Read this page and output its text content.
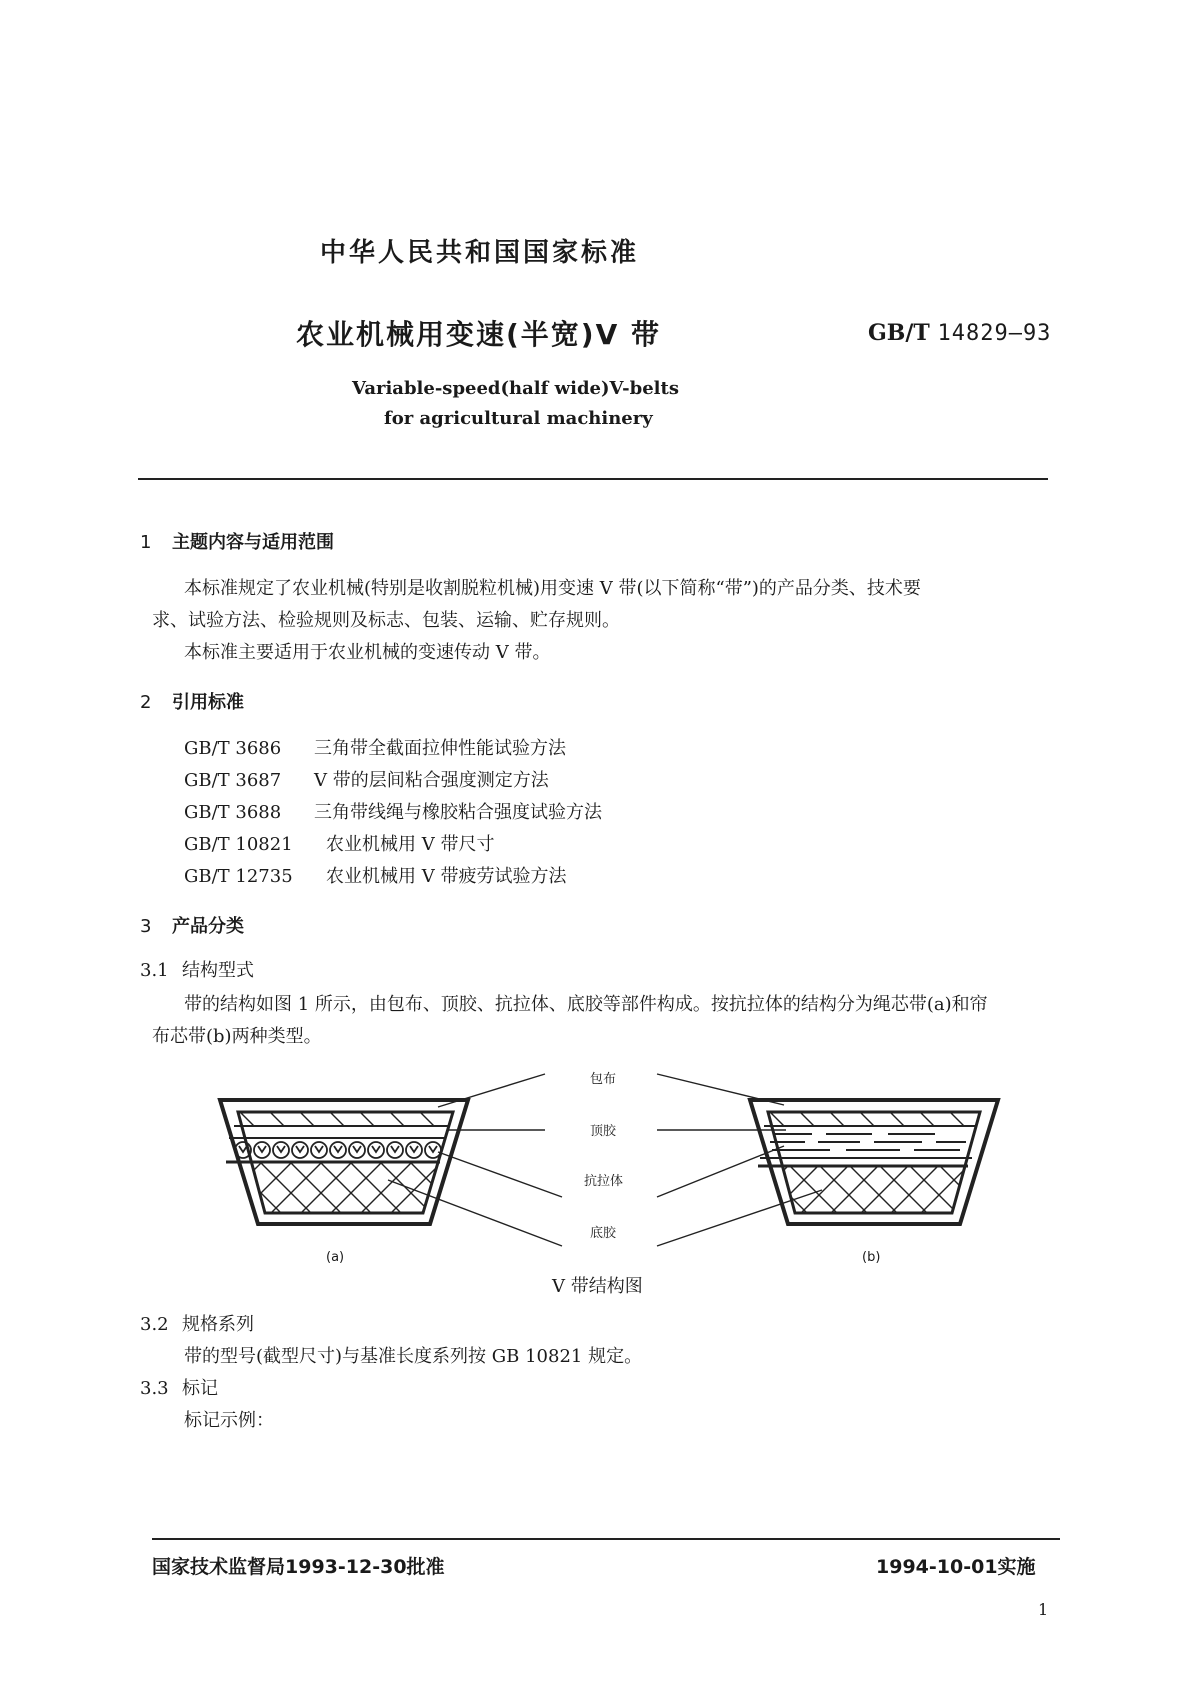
中华人民共和国国家标准
农业机械用变速(半宽)V 带	GB/T 14829—93
Variable-speed(half wide)V-belts
for agricultural machinery
1 主题内容与适用范围
本标准规定了农业机械(特别是收割脱粒机械)用变速 V 带(以下简称“带”)的产品分类、技术要
求、试验方法、检验规则及标志、包装、运输、贮存规则。
本标准主要适用于农业机械的变速传动 V 带。
2 引用标准
GB/T 3686 三角带全截面拉伸性能试验方法
GB/T 3687 V 带的层间粘合强度测定方法
GB/T 3688 三角带线绳与橡胶粘合强度试验方法
GB/T 10821 农业机械用 V 带尺寸
GB/T 12735 农业机械用 V 带疲劳试验方法
3 产品分类
3.1 结构型式
带的结构如图 1 所示，由包布、顶胶、抗拉体、底胶等部件构成。按抗拉体的结构分为绳芯带(a)和帘
布芯带(b)两种类型。
包布
顶胶
抗拉体
底胶
(a)	(b)
V 带结构图
3.2 规格系列
带的型号(截型尺寸)与基准长度系列按 GB 10821 规定。
3.3 标记
标记示例：
国家技术监督局1993-12-30批准	1994-10-01实施
1
